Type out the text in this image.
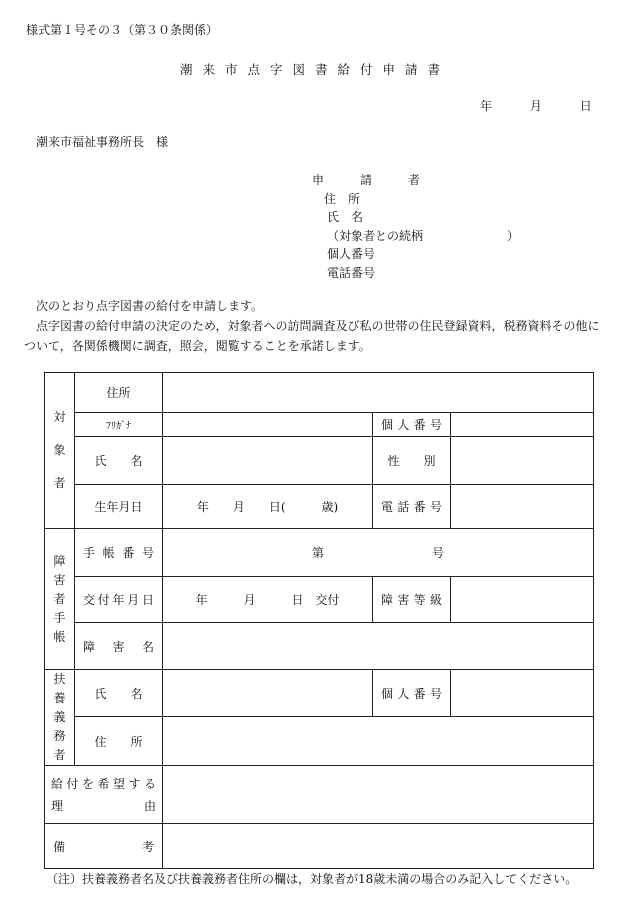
様式第１号その３（第３０条関係）
潮来市点字図書給付申請書
年	月	日
潮来市福祉事務所長　様
申　請　者
住　所
氏　名
（対象者との続柄　　　　　　　）
個人番号
電話番号
次のとおり点字図書の給付を申請します。
点字図書の給付申請の決定のため，対象者への訪問調査及び私の世帯の住民登録資料，税務資料その他に
ついて，各関係機関に調査，照会，閲覧することを承諾します。
対

象

者	住所			
	ﾌﾘｶﾞﾅ		個人番号	
	氏　　名		性　　別	
	生年月日	年　　月　　日(　　　歳)	電話番号	

障
害
者
手
帳	手帳番号	第　　　　　　　　　号		
	交付年月日	年　　　月　　　日　交付	障害等級	
	障害名			

扶
養
義
務
者	氏　　名		個人番号	
	住　　所			

給付を希望する
理　由				

備　考				
（注）扶養義務者名及び扶養義務者住所の欄は，対象者が18歳未満の場合のみ記入してください。
